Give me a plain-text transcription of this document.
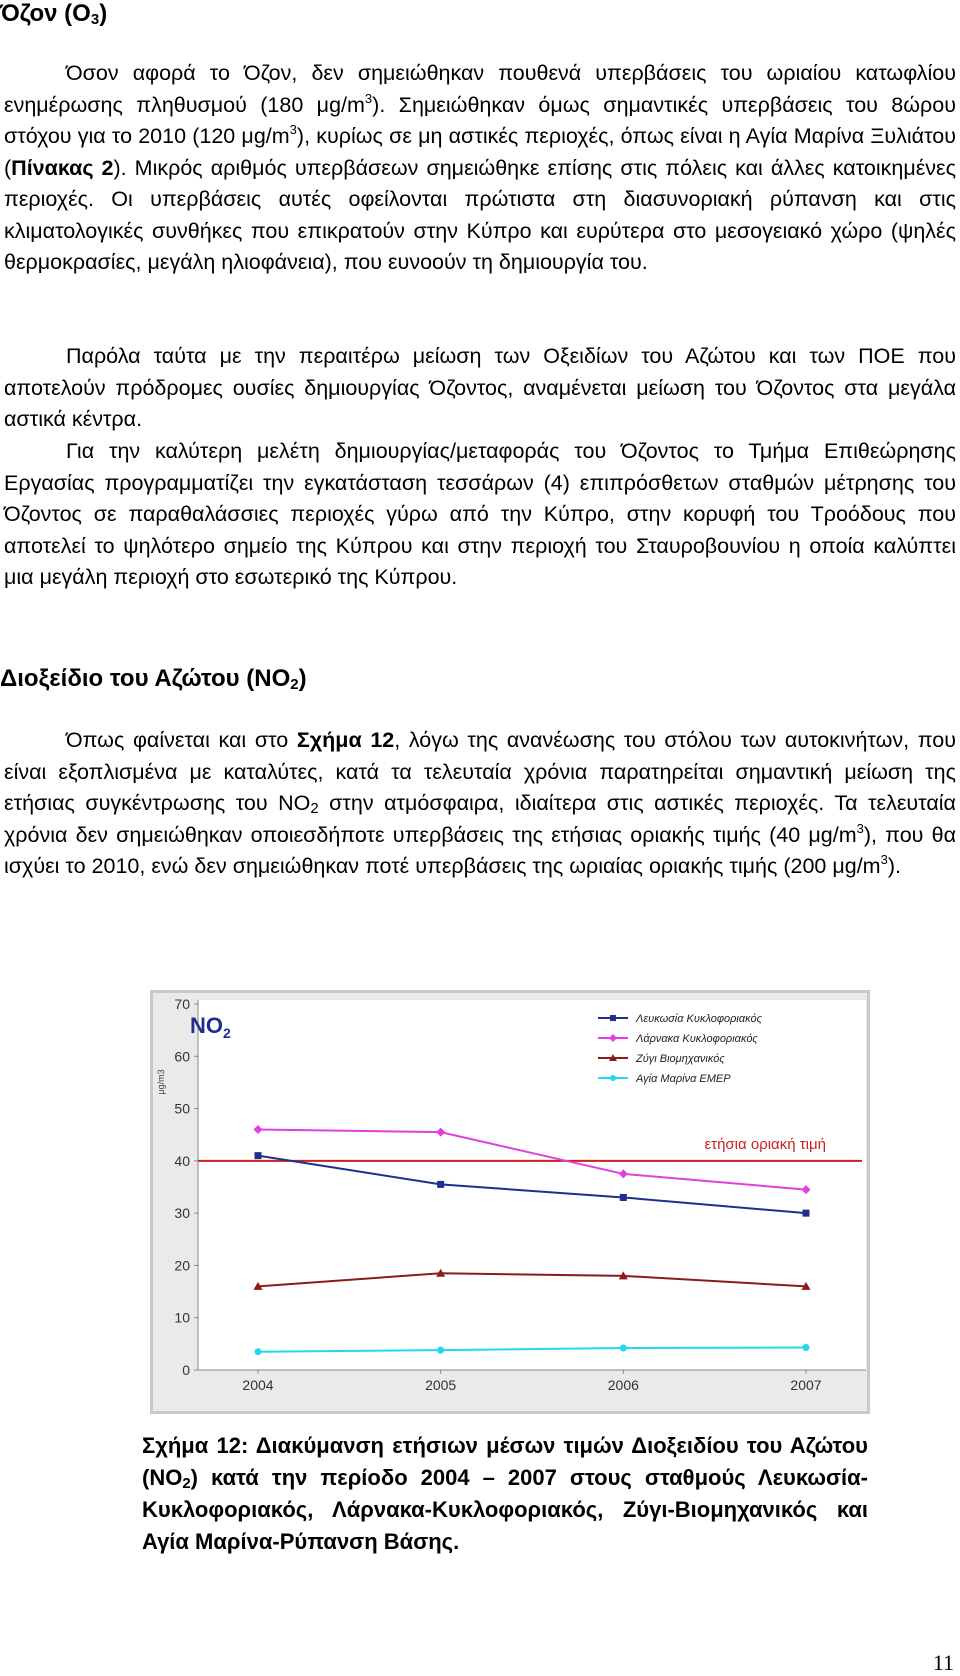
Όζον $(O_3)$

Όσον αφορά το Όζον, δεν σημειώθηκαν πουθενά υπερβάσεις του ωριαίου κατωφλίου ενημέρωσης πληθυσμού (180 $\mu g/m^3$). Σημειώθηκαν όμως σημαντικές υπερβάσεις του 8ώρου στόχου για το 2010 (120 $\mu g/m^3$), κυρίως σε μη αστικές περιοχές, όπως είναι η Αγία Μαρίνα Ξυλιάτου (Πίνακας 2). Μικρός αριθμός υπερβάσεων σημειώθηκε επίσης στις πόλεις και άλλες κατοικημένες περιοχές. Οι υπερβάσεις αυτές οφείλονται πρώτιστα στη διασυνοριακή ρύπανση και στις κλιματολογικές συνθήκες που επικρατούν στην Κύπρο και ευρύτερα στο μεσογειακό χώρο (ψηλές θερμοκρασίες, μεγάλη ηλιοφάνεια), που ευνοούν τη δημιουργία του.

Παρόλα ταύτα με την περαιτέρω μείωση των Οξειδίων του Αζώτου και των ΠΟΕ που αποτελούν πρόδρομες ουσίες δημιουργίας Όζοντος, αναμένεται μείωση του Όζοντος στα μεγάλα αστικά κέντρα.

Για την καλύτερη μελέτη δημιουργίας/μεταφοράς του Όζοντος το Τμήμα Επιθεώρησης Εργασίας προγραμματίζει την εγκατάσταση τεσσάρων (4) επιπρόσθετων σταθμών μέτρησης του Όζοντος σε παραθαλάσσιες περιοχές γύρω από την Κύπρο, στην κορυφή του Τροόδους που αποτελεί το ψηλότερο σημείο της Κύπρου και στην περιοχή του Σταυροβουνίου η οποία καλύπτει μια μεγάλη περιοχή στο εσωτερικό της Κύπρου.

Διοξείδιο του Αζώτου $(NO_2)$

Όπως φαίνεται και στο Σχήμα 12, λόγω της ανανέωσης του στόλου των αυτοκινήτων, που είναι εξοπλισμένα με καταλύτες, κατά τα τελευταία χρόνια παρατηρείται σημαντική μείωση της ετήσιας συγκέντρωσης του $NO_2$ στην ατμόσφαιρα, ιδιαίτερα στις αστικές περιοχές. Τα τελευταία χρόνια δεν σημειώθηκαν οποιεσδήποτε υπερβάσεις της ετήσιας οριακής τιμής (40 $\mu g/m^3$), που θα ισχύει το 2010, ενώ δεν σημειώθηκαν ποτέ υπερβάσεις της ωριαίας οριακής τιμής (200 $\mu g/m^3$).

0
10
20
30
40
50
60
70
μg/m3
2004	2005	2006	2007
ετήσια οριακή τιμή
$NO_2$
Λευκωσία Κυκλοφοριακός
Λάρνακα Κυκλοφοριακός
Ζύγι Βιομηχανικός
Αγία Μαρίνα EMEP

Σχήμα 12: Διακύμανση ετήσιων μέσων τιμών Διοξειδίου του Αζώτου $(NO_2)$ κατά την περίοδο 2004 – 2007 στους σταθμούς Λευκωσία-Κυκλοφοριακός, Λάρνακα-Κυκλοφοριακός, Ζύγι-Βιομηχανικός και Αγία Μαρίνα-Ρύπανση Βάσης.

11
